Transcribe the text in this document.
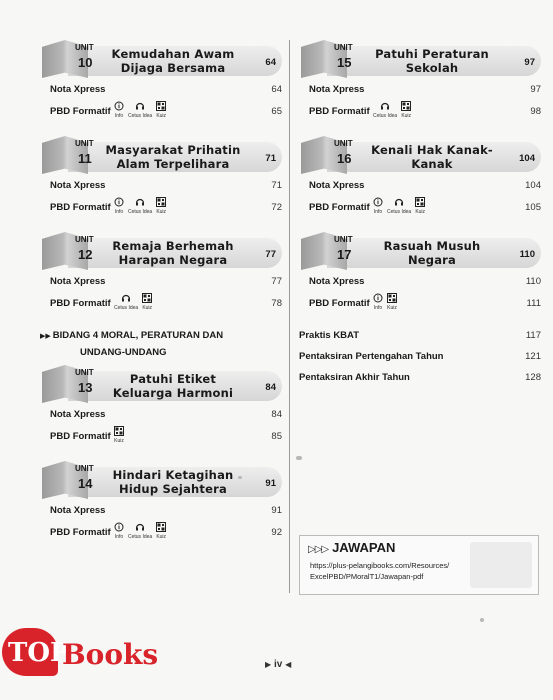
UNIT
10
Kemudahan Awam
Dijaga Bersama	64
Nota Xpress	64
PBD Formatif Info Cetus Idea Kuiz	65
UNIT
11
Masyarakat Prihatin
Alam Terpelihara	71
Nota Xpress	71
PBD Formatif Info Cetus Idea Kuiz	72
UNIT
12
Remaja Berhemah
Harapan Negara	77
Nota Xpress	77
PBD Formatif Cetus Idea Kuiz	78
▶▶ BIDANG 4 MORAL, PERATURAN DAN
UNDANG-UNDANG
UNIT
13
Patuhi Etiket
Keluarga Harmoni	84
Nota Xpress	84
PBD Formatif Kuiz	85
UNIT
14
Hindari Ketagihan
Hidup Sejahtera	91
Nota Xpress	91
PBD Formatif Info Cetus Idea Kuiz	92
UNIT
15
Patuhi Peraturan Sekolah	97
Nota Xpress	97
PBD Formatif Cetus Idea Kuiz	98
UNIT
16
Kenali Hak Kanak-Kanak	104
Nota Xpress	104
PBD Formatif Info Cetus Idea Kuiz	105
UNIT
17
Rasuah Musuh Negara	110
Nota Xpress	110
PBD Formatif Info Kuiz	111
Praktis KBAT	117
Pentaksiran Pertengahan Tahun	121
Pentaksiran Akhir Tahun	128
▷▷▷ JAWAPAN
https://plus-pelangibooks.com/Resources/
ExcelPBD/PMoralT1/Jawapan-pdf
TOP
Books	▶ iv ◀
